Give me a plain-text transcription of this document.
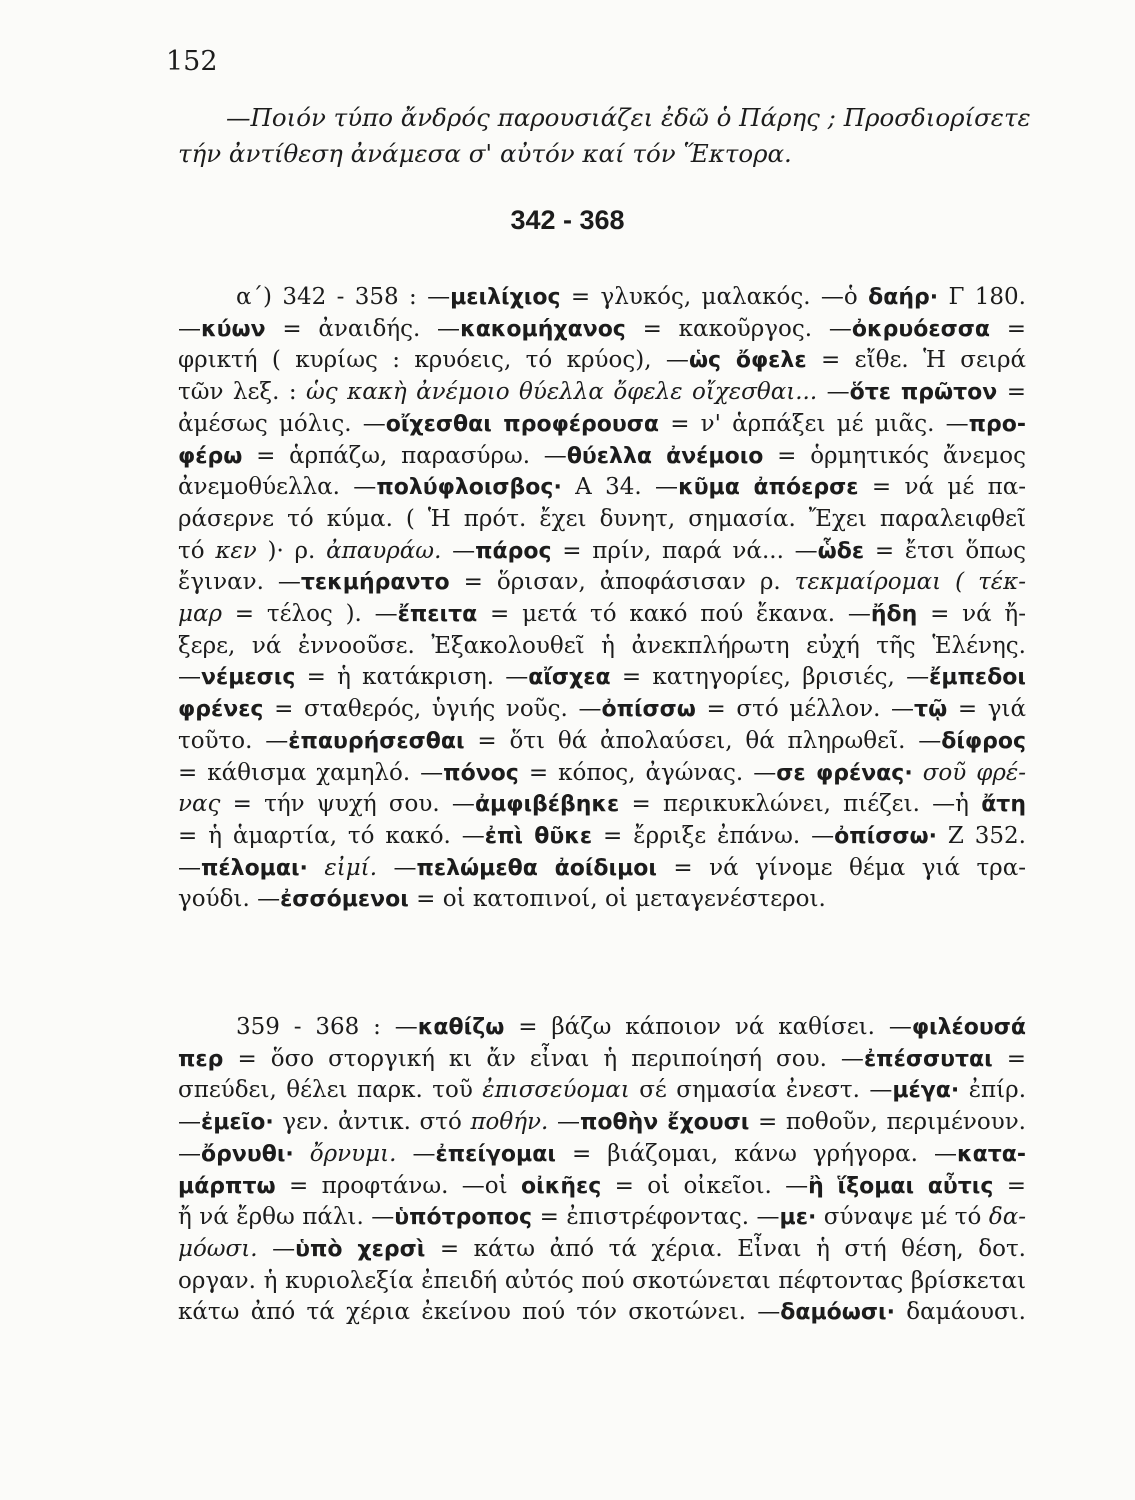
152
—Ποιόν τύπο ἄνδρός παρουσιάζει ἐδῶ ὁ Πάρης ; Προσδιορίσετε
τήν ἀντίθεση ἀνάμεσα σ' αὐτόν καί τόν Ἕκτορα.
342 - 368
α΄) 342 - 358 : —μειλίχιος = γλυκός, μαλακός. —ὁ δαήρ· Γ 180.
—κύων = ἀναιδής. —κακομήχανος = κακοῦργος. —ὀκρυόεσσα =
φρικτή ( κυρίως : κρυόεις, τό κρύος), —ὡς ὄφελε = εἴθε. Ἡ σειρά
τῶν λεξ. : ὡς κακὴ ἀνέμοιο θύελλα ὄφελε οἴχεσθαι... —ὅτε πρῶτον =
ἀμέσως μόλις. —οἴχεσθαι προφέρουσα = ν' ἁρπάξει μέ μιᾶς. —προ-
φέρω = ἁρπάζω, παρασύρω. —θύελλα ἀνέμοιο = ὁρμητικός ἄνεμος
ἀνεμοθύελλα. —πολύφλοισβος· Α 34. —κῦμα ἀπόερσε = νά μέ πα-
ράσερνε τό κύμα. ( Ἡ πρότ. ἔχει δυνητ, σημασία. Ἔχει παραλειφθεῖ
τό κεν )· ρ. ἀπαυράω. —πάρος = πρίν, παρά νά... —ὧδε = ἔτσι ὅπως
ἔγιναν. —τεκμήραντο = ὅρισαν, ἀποφάσισαν ρ. τεκμαίρομαι ( τέκ-
μαρ = τέλος ). —ἔπειτα = μετά τό κακό πού ἔκανα. —ἤδη = νά ἤ-
ξερε, νά ἐννοοῦσε. Ἐξακολουθεῖ ἡ ἀνεκπλήρωτη εὐχή τῆς Ἑλένης.
—νέμεσις = ἡ κατάκριση. —αἴσχεα = κατηγορίες, βρισιές, —ἔμπεδοι
φρένες = σταθερός, ὑγιής νοῦς. —ὀπίσσω = στό μέλλον. —τῷ = γιά
τοῦτο. —ἐπαυρήσεσθαι = ὅτι θά ἀπολαύσει, θά πληρωθεῖ. —δίφρος
= κάθισμα χαμηλό. —πόνος = κόπος, ἀγώνας. —σε φρένας· σοῦ φρέ-
νας = τήν ψυχή σου. —ἀμφιβέβηκε = περικυκλώνει, πιέζει. —ἡ ἄτη
= ἡ ἁμαρτία, τό κακό. —ἐπὶ θῦκε = ἔρριξε ἐπάνω. —ὀπίσσω· Ζ 352.
—πέλομαι· εἰμί. —πελώμεθα ἀοίδιμοι = νά γίνομε θέμα γιά τρα-
γούδι. —ἐσσόμενοι = οἱ κατοπινοί, οἱ μεταγενέστεροι.
359 - 368 : —καθίζω = βάζω κάποιον νά καθίσει. —φιλέουσά
περ = ὅσο στοργική κι ἄν εἶναι ἡ περιποίησή σου. —ἐπέσσυται =
σπεύδει, θέλει παρκ. τοῦ ἐπισσεύομαι σέ σημασία ἐνεστ. —μέγα· ἐπίρ.
—ἐμεῖο· γεν. ἀντικ. στό ποθήν. —ποθὴν ἔχουσι = ποθοῦν, περιμένουν.
—ὄρνυθι· ὄρνυμι. —ἐπείγομαι = βιάζομαι, κάνω γρήγορα. —κατα-
μάρπτω = προφτάνω. —οἱ οἰκῆες = οἱ οἰκεῖοι. —ἢ ἵξομαι αὖτις =
ἤ νά ἔρθω πάλι. —ὑπότροπος = ἐπιστρέφοντας. —με· σύναψε μέ τό δα-
μόωσι. —ὑπὸ χερσὶ = κάτω ἀπό τά χέρια. Εἶναι ἡ στή θέση, δοτ.
οργαν. ἡ κυριολεξία ἐπειδή αὐτός πού σκοτώνεται πέφτοντας βρίσκεται
κάτω ἀπό τά χέρια ἐκείνου πού τόν σκοτώνει. —δαμόωσι· δαμάουσι.
